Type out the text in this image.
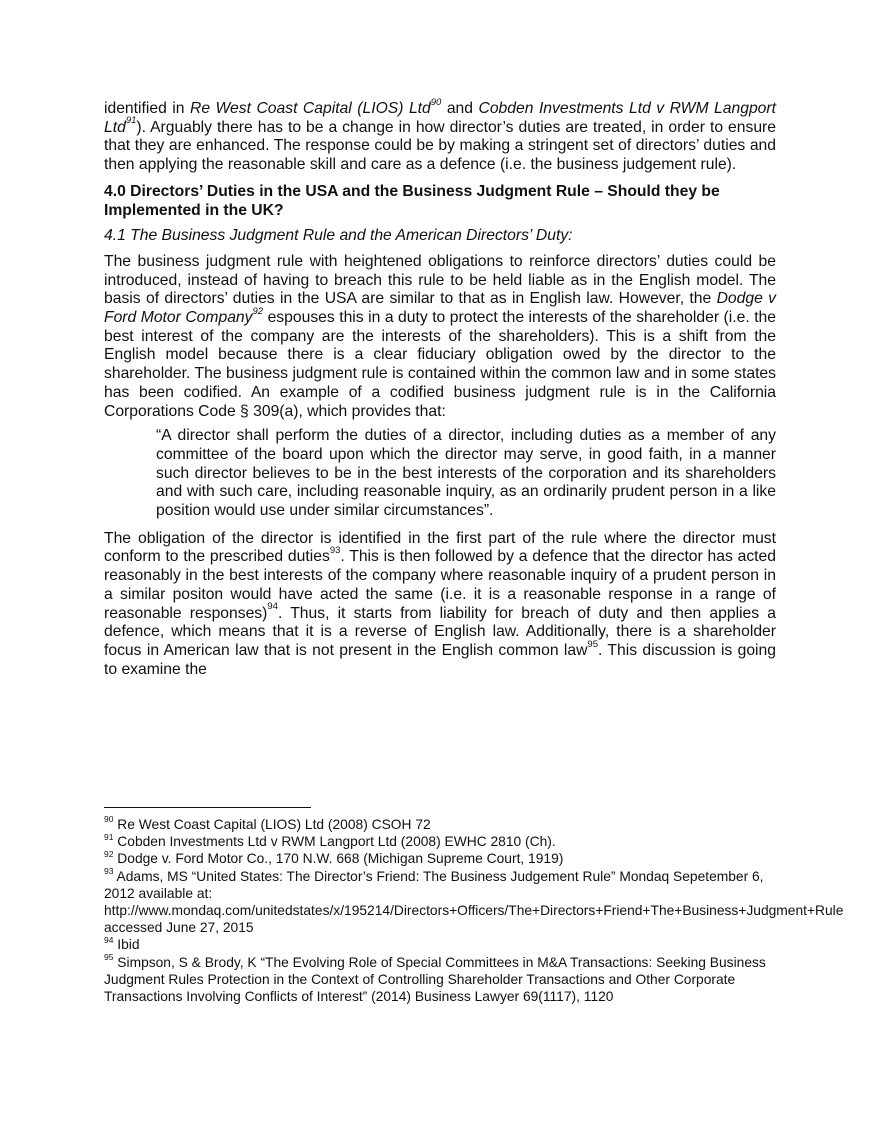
identified in Re West Coast Capital (LIOS) Ltd$^{90}$ and Cobden Investments Ltd v RWM Langport Ltd$^{91}$). Arguably there has to be a change in how director’s duties are treated, in order to ensure that they are enhanced. The response could be by making a stringent set of directors’ duties and then applying the reasonable skill and care as a defence (i.e. the business judgement rule).

4.0 Directors’ Duties in the USA and the Business Judgment Rule – Should they be Implemented in the UK?

4.1 The Business Judgment Rule and the American Directors’ Duty:

The business judgment rule with heightened obligations to reinforce directors’ duties could be introduced, instead of having to breach this rule to be held liable as in the English model. The basis of directors’ duties in the USA are similar to that as in English law. However, the Dodge v Ford Motor Company$^{92}$ espouses this in a duty to protect the interests of the shareholder (i.e. the best interest of the company are the interests of the shareholders). This is a shift from the English model because there is a clear fiduciary obligation owed by the director to the shareholder. The business judgment rule is contained within the common law and in some states has been codified. An example of a codified business judgment rule is in the California Corporations Code § 309(a), which provides that:

“A director shall perform the duties of a director, including duties as a member of any committee of the board upon which the director may serve, in good faith, in a manner such director believes to be in the best interests of the corporation and its shareholders and with such care, including reasonable inquiry, as an ordinarily prudent person in a like position would use under similar circumstances”.

The obligation of the director is identified in the first part of the rule where the director must conform to the prescribed duties$^{93}$. This is then followed by a defence that the director has acted reasonably in the best interests of the company where reasonable inquiry of a prudent person in a similar positon would have acted the same (i.e. it is a reasonable response in a range of reasonable responses)$^{94}$. Thus, it starts from liability for breach of duty and then applies a defence, which means that it is a reverse of English law. Additionally, there is a shareholder focus in American law that is not present in the English common law$^{95}$. This discussion is going to examine the

$^{90}$ Re West Coast Capital (LIOS) Ltd (2008) CSOH 72

$^{91}$ Cobden Investments Ltd v RWM Langport Ltd (2008) EWHC 2810 (Ch).

$^{92}$ Dodge v. Ford Motor Co., 170 N.W. 668 (Michigan Supreme Court, 1919)

$^{93}$ Adams, MS “United States: The Director’s Friend: The Business Judgement Rule” Mondaq Sepetember 6, 2012 available at: http://www.mondaq.com/unitedstates/x/195214/Directors+Officers/The+Directors+Friend+The+Business+Judgment+Rule accessed June 27, 2015

$^{94}$ Ibid

$^{95}$ Simpson, S & Brody, K “The Evolving Role of Special Committees in M&A Transactions: Seeking Business Judgment Rules Protection in the Context of Controlling Shareholder Transactions and Other Corporate Transactions Involving Conflicts of Interest” (2014) Business Lawyer 69(1117), 1120
